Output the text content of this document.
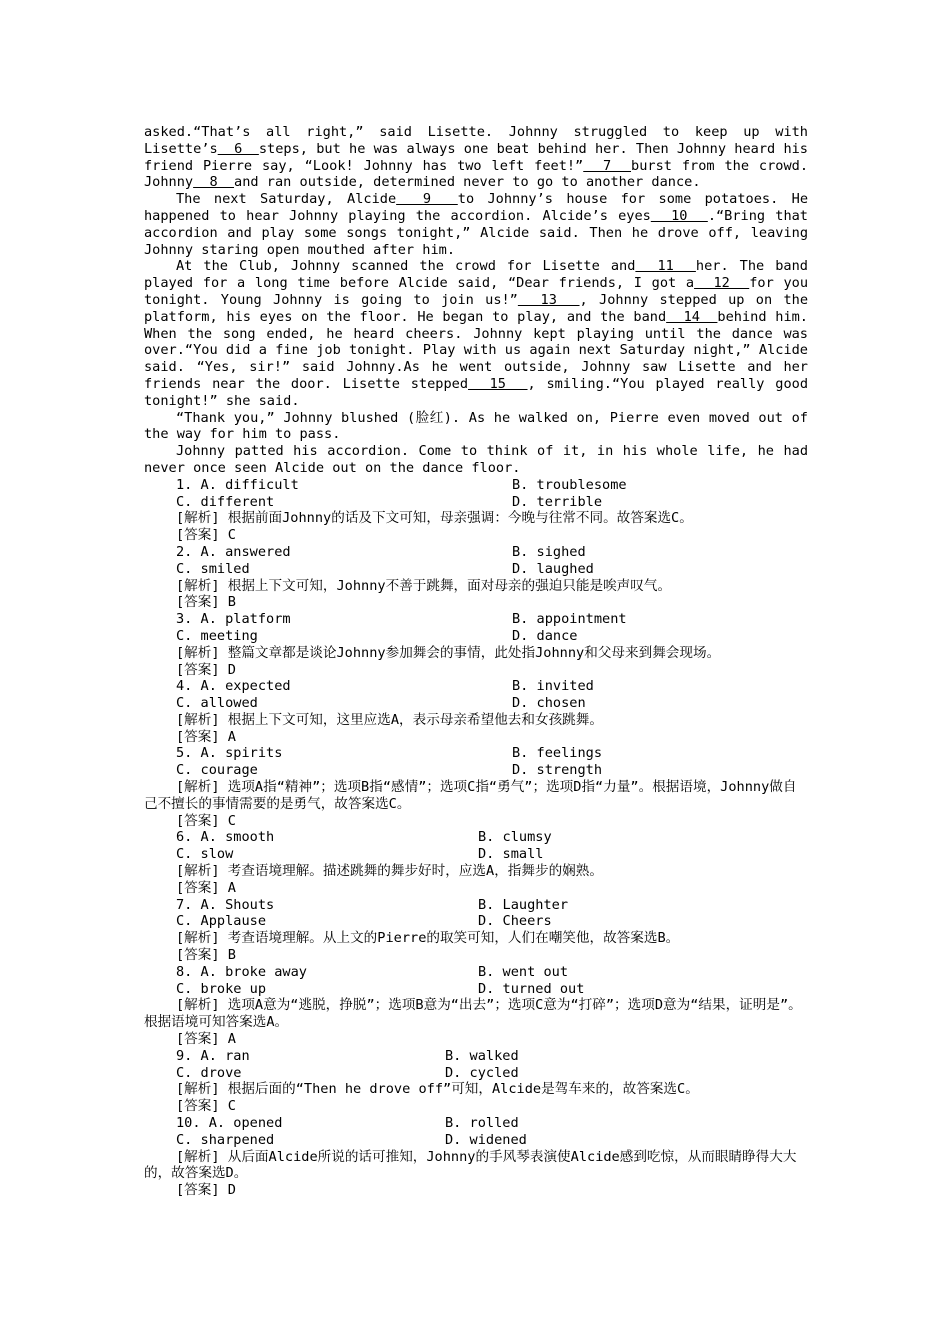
asked.“That’s all right,” said Lisette. Johnny struggled to keep up with Lisette’s  6  steps, but he was always one beat behind her. Then Johnny heard his friend Pierre say, “Look! Johnny has two left feet!”  7  burst from the crowd. Johnny  8  and ran outside, determined never to go to another dance.
The next Saturday, Alcide  9  to Johnny’s house for some potatoes. He happened to hear Johnny playing the accordion. Alcide’s eyes  10  .“Bring that accordion and play some songs tonight,” Alcide said. Then he drove off, leaving Johnny staring open mouthed after him.
At the Club, Johnny scanned the crowd for Lisette and  11  her. The band played for a long time before Alcide said, “Dear friends, I got a  12  for you tonight. Young Johnny is going to join us!”  13  , Johnny stepped up on the platform, his eyes on the floor. He began to play, and the band  14  behind him. When the song ended, he heard cheers. Johnny kept playing until the dance was over.“You did a fine job tonight. Play with us again next Saturday night,” Alcide said. “Yes, sir!” said Johnny.As he went outside, Johnny saw Lisette and her friends near the door. Lisette stepped  15  , smiling.“You played really good tonight!” she said.
“Thank you,” Johnny blushed (脸红). As he walked on, Pierre even moved out of the way for him to pass.
Johnny patted his accordion. Come to think of it, in his whole life, he had never once seen Alcide out on the dance floor.
1. A. difficult	B. troublesome
C. different	D. terrible
[解析] 根据前面Johnny的话及下文可知，母亲强调：今晚与往常不同。故答案选C。
[答案] C
2. A. answered	B. sighed
C. smiled	D. laughed
[解析] 根据上下文可知，Johnny不善于跳舞，面对母亲的强迫只能是唉声叹气。
[答案] B
3. A. platform	B. appointment
C. meeting	D. dance
[解析] 整篇文章都是谈论Johnny参加舞会的事情，此处指Johnny和父母来到舞会现场。
[答案] D
4. A. expected	B. invited
C. allowed	D. chosen
[解析] 根据上下文可知，这里应选A，表示母亲希望他去和女孩跳舞。
[答案] A
5. A. spirits	B. feelings
C. courage	D. strength
[解析] 选项A指“精神”；选项B指“感情”；选项C指“勇气”；选项D指“力量”。根据语境，Johnny做自己不擅长的事情需要的是勇气，故答案选C。
[答案] C
6. A. smooth	B. clumsy
C. slow	D. small
[解析] 考查语境理解。描述跳舞的舞步好时，应选A，指舞步的娴熟。
[答案] A
7. A. Shouts	B. Laughter
C. Applause	D. Cheers
[解析] 考查语境理解。从上文的Pierre的取笑可知，人们在嘲笑他，故答案选B。
[答案] B
8. A. broke away	B. went out
C. broke up	D. turned out
[解析] 选项A意为“逃脱，挣脱”；选项B意为“出去”；选项C意为“打碎”；选项D意为“结果，证明是”。根据语境可知答案选A。
[答案] A
9. A. ran	B. walked
C. drove	D. cycled
[解析] 根据后面的“Then he drove off”可知，Alcide是驾车来的，故答案选C。
[答案] C
10. A. opened	B. rolled
C. sharpened	D. widened
[解析] 从后面Alcide所说的话可推知，Johnny的手风琴表演使Alcide感到吃惊，从而眼睛睁得大大的，故答案选D。
[答案] D
